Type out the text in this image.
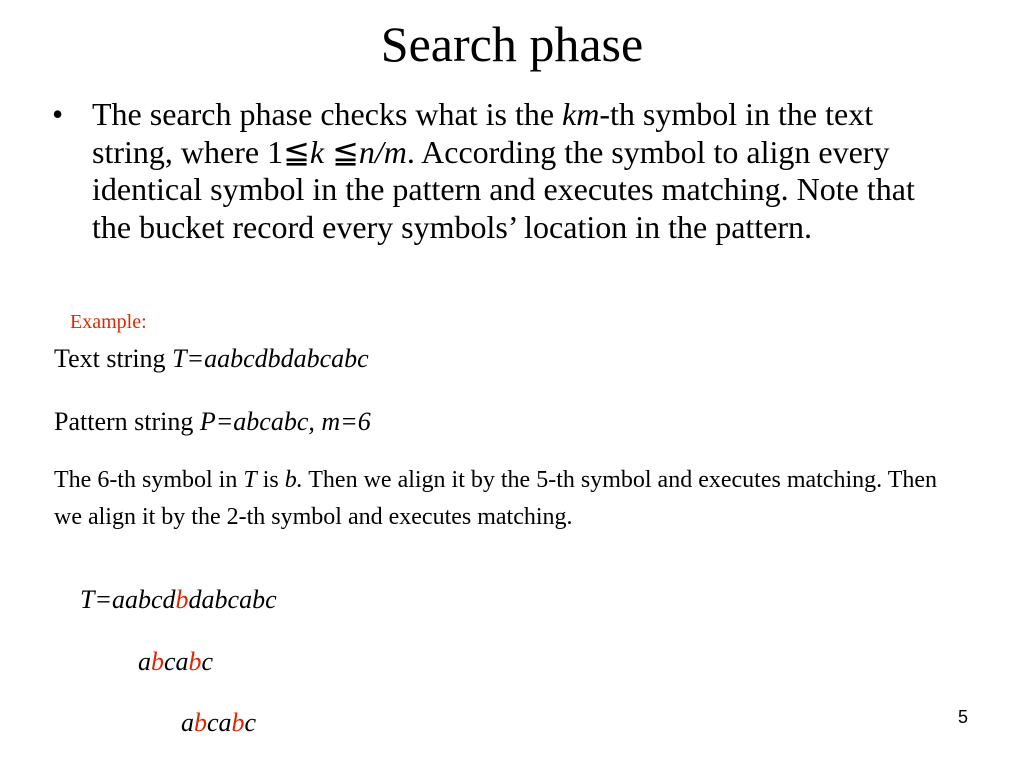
Search phase
• The search phase checks what is the km-th symbol in the text string, where 1≦k ≦n/m. According the symbol to align every identical symbol in the pattern and executes matching. Note that the bucket record every symbols’ location in the pattern.
Example:
Text string T=aabcdbdabcabc
Pattern string P=abcabc, m=6
The 6-th symbol in T is b. Then we align it by the 5-th symbol and executes matching. Then we align it by the 2-th symbol and executes matching.
T=aabcdbdabcabc
abcabc
abcabc	5
